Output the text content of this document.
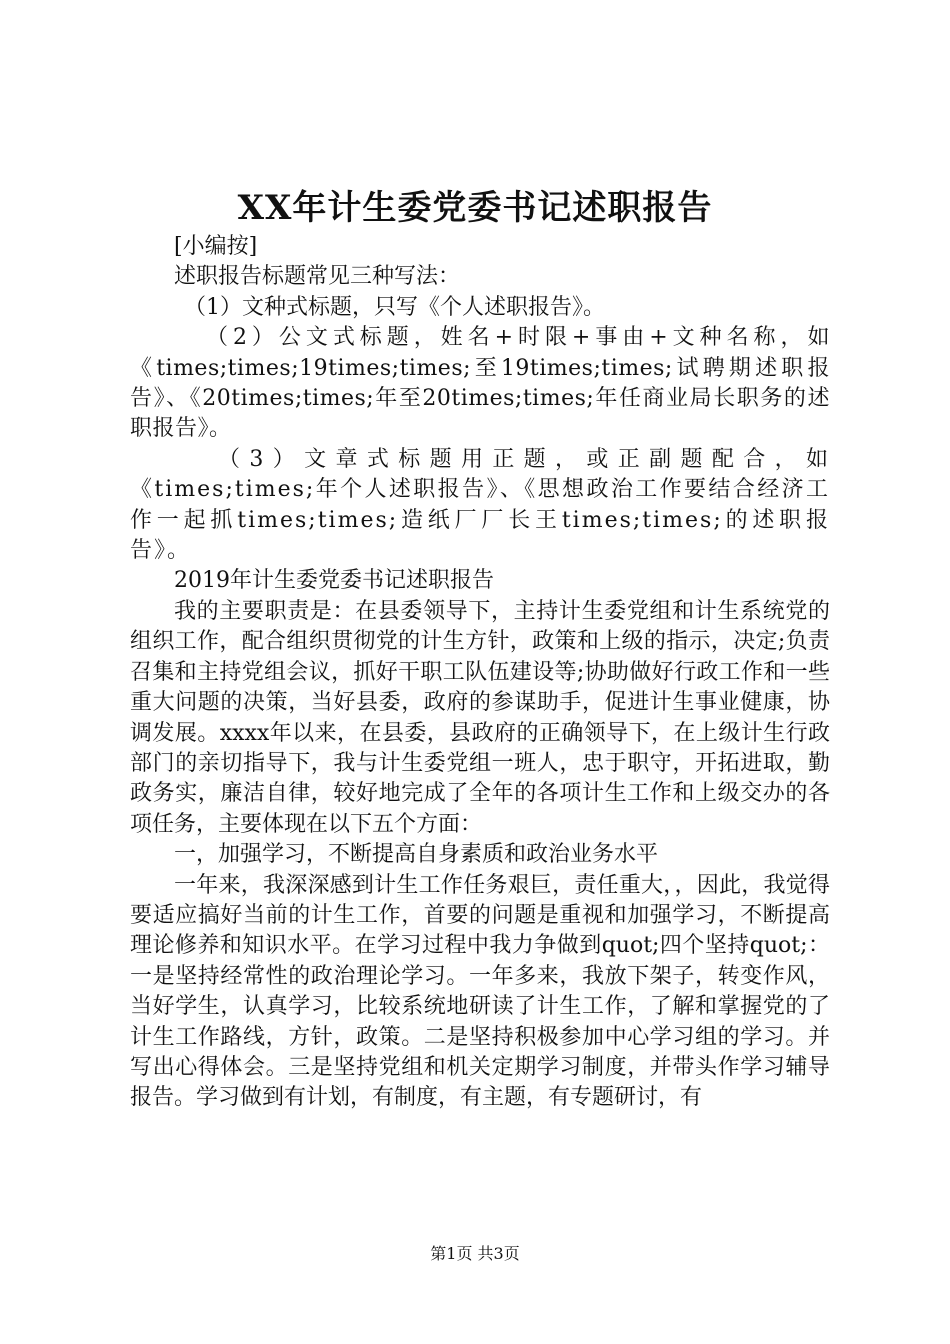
XX年计生委党委书记述职报告

[小编按]

述职报告标题常见三种写法：

（1）文种式标题，只写《个人述职报告》。

（2）公文式标题，姓名+时限+事由+文种名称，如《times;times;19times;times;至19times;times;试聘期述职报告》、《20times;times;年至20times;times;年任商业局长职务的述职报告》。

（3）文章式标题用正题，或正副题配合，如《times;times;年个人述职报告》、《思想政治工作要结合经济工作一起抓times;times;造纸厂厂长王times;times;的述职报告》。

2019年计生委党委书记述职报告

我的主要职责是：在县委领导下，主持计生委党组和计生系统党的组织工作，配合组织贯彻党的计生方针，政策和上级的指示，决定;负责召集和主持党组会议，抓好干职工队伍建设等;协助做好行政工作和一些重大问题的决策，当好县委，政府的参谋助手，促进计生事业健康，协调发展。xxxx年以来，在县委，县政府的正确领导下，在上级计生行政部门的亲切指导下，我与计生委党组一班人，忠于职守，开拓进取，勤政务实，廉洁自律，较好地完成了全年的各项计生工作和上级交办的各项任务，主要体现在以下五个方面：

一，加强学习，不断提高自身素质和政治业务水平

一年来，我深深感到计生工作任务艰巨，责任重大，，因此，我觉得要适应搞好当前的计生工作，首要的问题是重视和加强学习，不断提高理论修养和知识水平。在学习过程中我力争做到quot;四个坚持quot;：一是坚持经常性的政治理论学习。一年多来，我放下架子，转变作风，当好学生，认真学习，比较系统地研读了计生工作，了解和掌握党的了计生工作路线，方针，政策。二是坚持积极参加中心学习组的学习。并写出心得体会。三是坚持党组和机关定期学习制度，并带头作学习辅导报告。学习做到有计划，有制度，有主题，有专题研讨，有

第1页 共3页
